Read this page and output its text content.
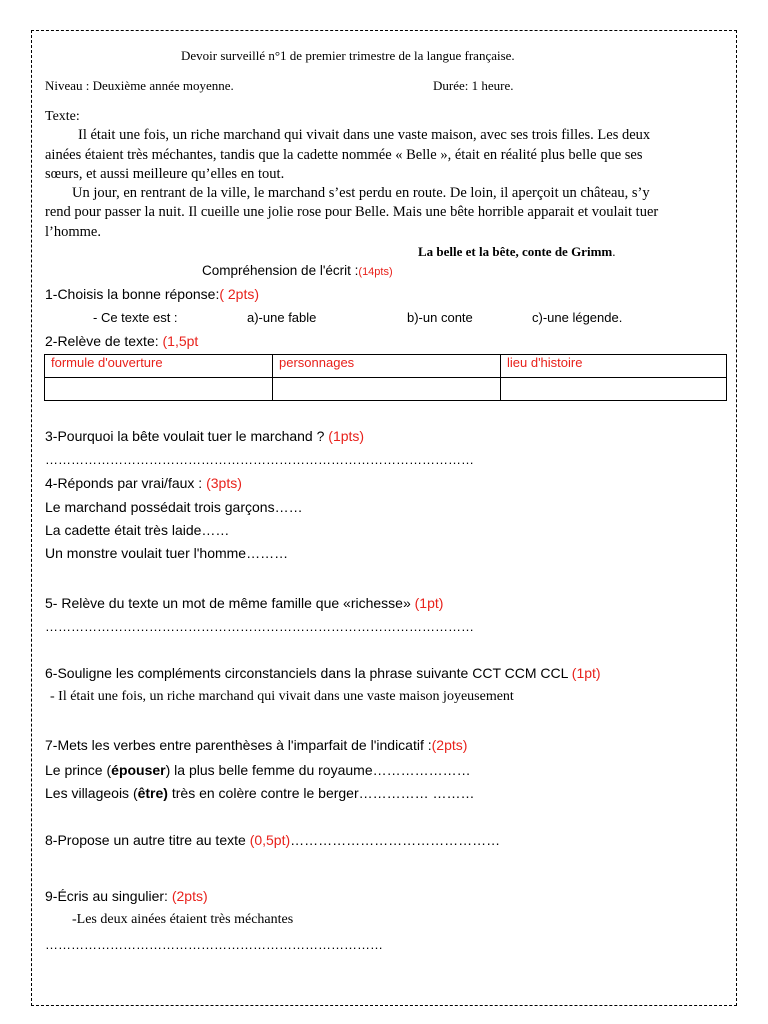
Devoir surveillé n°1 de premier trimestre de la langue française.
Niveau : Deuxième année moyenne.	Durée: 1 heure.
Texte:
Il était une fois, un riche marchand qui vivait dans une vaste maison, avec ses trois filles. Les deux
ainées étaient très méchantes, tandis que la cadette nommée « Belle », était en réalité plus belle que ses
sœurs, et aussi meilleure qu’elles en tout.
Un jour, en rentrant de la ville, le marchand s’est perdu en route. De loin, il aperçoit un château, s’y
rend pour passer la nuit. Il cueille une jolie rose pour Belle. Mais une bête horrible apparait et voulait tuer
l’homme.
La belle et la bête, conte de Grimm.
Compréhension de l'écrit :(14pts)
1-Choisis la bonne réponse:( 2pts)
- Ce texte est :	a)-une fable	b)-un conte	c)-une légende.
2-Relève de texte: (1,5pt
formule d'ouverture	personnages	lieu d'histoire

3-Pourquoi la bête voulait tuer le marchand ? (1pts)
………………………………………………………………………………………
4-Réponds par vrai/faux : (3pts)
Le marchand possédait trois garçons……
La cadette était très laide……
Un monstre voulait tuer l'homme………
5- Relève du texte un mot de même famille que «richesse» (1pt)
………………………………………………………………………………………
6-Souligne les compléments circonstanciels dans la phrase suivante CCT CCM CCL (1pt)
- Il était une fois, un riche marchand qui vivait dans une vaste maison joyeusement
7-Mets les verbes entre parenthèses à l'imparfait de l'indicatif :(2pts)
Le prince (épouser) la plus belle femme du royaume…………………
Les villageois (être) très en colère contre le berger…………… ………
8-Propose un autre titre au texte (0,5pt)………………………………………
9-Écris au singulier: (2pts)
-Les deux ainées étaient très méchantes
……………………………………………………………………
